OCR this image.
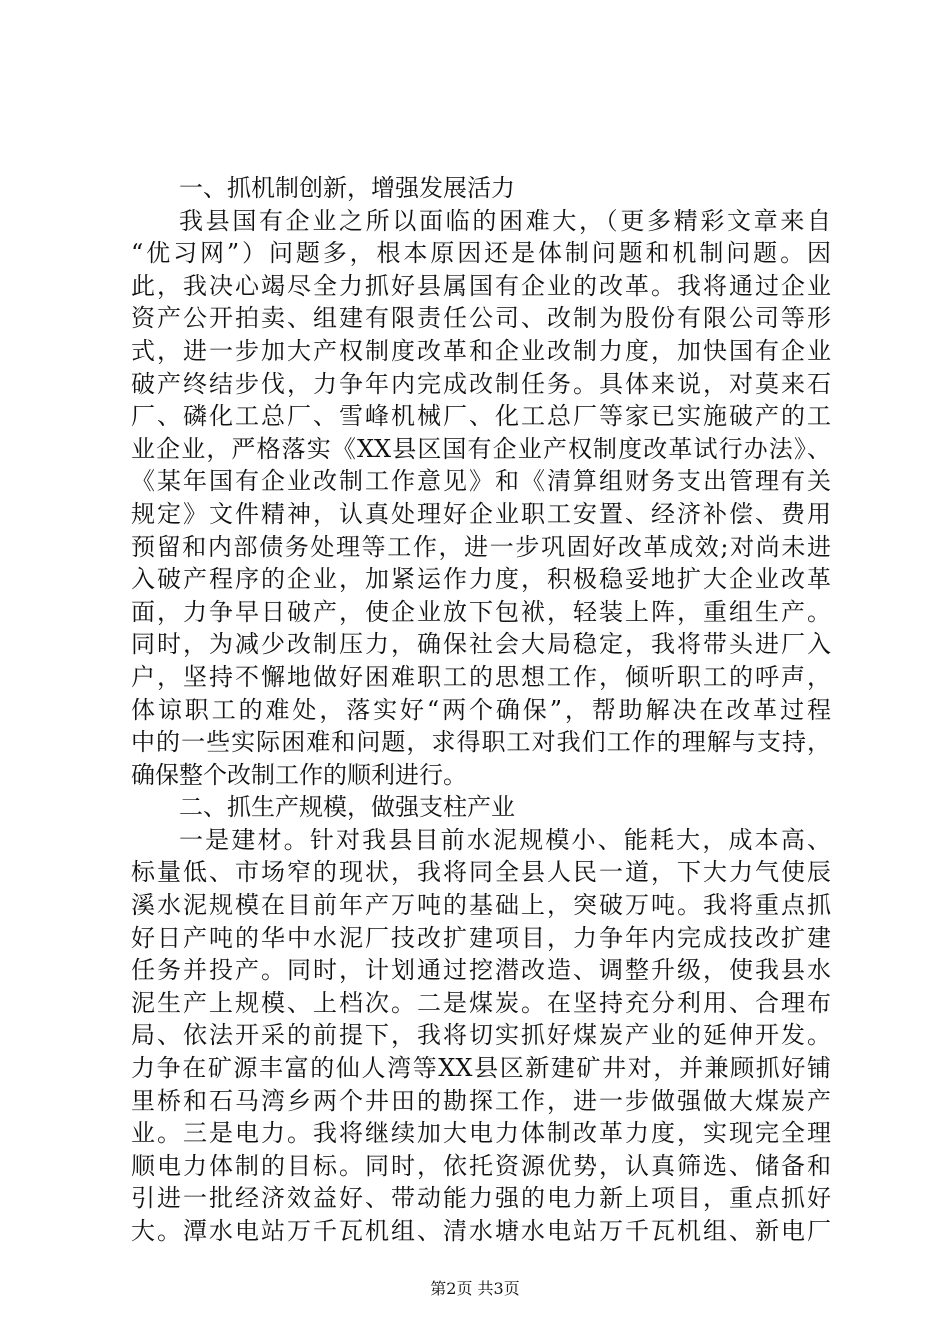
一、抓机制创新，增强发展活力
我县国有企业之所以面临的困难大，（更多精彩文章来自
“优习网”）问题多，根本原因还是体制问题和机制问题。因
此，我决心竭尽全力抓好县属国有企业的改革。我将通过企业
资产公开拍卖、组建有限责任公司、改制为股份有限公司等形
式，进一步加大产权制度改革和企业改制力度，加快国有企业
破产终结步伐，力争年内完成改制任务。具体来说，对莫来石
厂、磷化工总厂、雪峰机械厂、化工总厂等家已实施破产的工
业企业，严格落实《XX县区国有企业产权制度改革试行办法》、
《某年国有企业改制工作意见》和《清算组财务支出管理有关
规定》文件精神，认真处理好企业职工安置、经济补偿、费用
预留和内部债务处理等工作，进一步巩固好改革成效;对尚未进
入破产程序的企业，加紧运作力度，积极稳妥地扩大企业改革
面，力争早日破产，使企业放下包袱，轻装上阵，重组生产。
同时，为减少改制压力，确保社会大局稳定，我将带头进厂入
户，坚持不懈地做好困难职工的思想工作，倾听职工的呼声，
体谅职工的难处，落实好“两个确保”，帮助解决在改革过程
中的一些实际困难和问题，求得职工对我们工作的理解与支持，
确保整个改制工作的顺利进行。
二、抓生产规模，做强支柱产业
一是建材。针对我县目前水泥规模小、能耗大，成本高、
标量低、市场窄的现状，我将同全县人民一道，下大力气使辰
溪水泥规模在目前年产万吨的基础上，突破万吨。我将重点抓
好日产吨的华中水泥厂技改扩建项目，力争年内完成技改扩建
任务并投产。同时，计划通过挖潜改造、调整升级，使我县水
泥生产上规模、上档次。二是煤炭。在坚持充分利用、合理布
局、依法开采的前提下，我将切实抓好煤炭产业的延伸开发。
力争在矿源丰富的仙人湾等XX县区新建矿井对，并兼顾抓好铺
里桥和石马湾乡两个井田的勘探工作，进一步做强做大煤炭产
业。三是电力。我将继续加大电力体制改革力度，实现完全理
顺电力体制的目标。同时，依托资源优势，认真筛选、储备和
引进一批经济效益好、带动能力强的电力新上项目，重点抓好
大。潭水电站万千瓦机组、清水塘水电站万千瓦机组、新电厂
第2页 共3页
